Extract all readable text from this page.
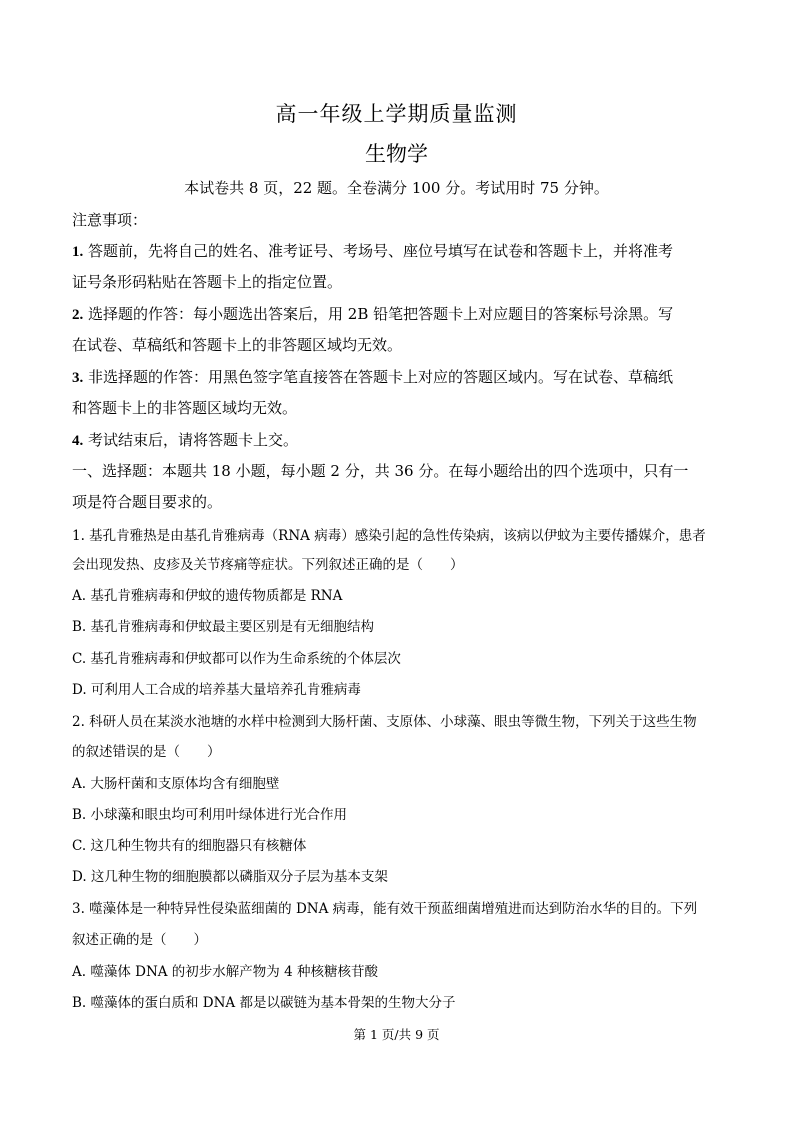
高一年级上学期质量监测
生物学
本试卷共 8 页，22 题。全卷满分 100 分。考试用时 75 分钟。
注意事项：
1. 答题前，先将自己的姓名、准考证号、考场号、座位号填写在试卷和答题卡上，并将准考
证号条形码粘贴在答题卡上的指定位置。
2. 选择题的作答：每小题选出答案后，用 2B 铅笔把答题卡上对应题目的答案标号涂黑。写
在试卷、草稿纸和答题卡上的非答题区域均无效。
3. 非选择题的作答：用黑色签字笔直接答在答题卡上对应的答题区域内。写在试卷、草稿纸
和答题卡上的非答题区域均无效。
4. 考试结束后，请将答题卡上交。
一、选择题：本题共 18 小题，每小题 2 分，共 36 分。在每小题给出的四个选项中，只有一
项是符合题目要求的。
1. 基孔肯雅热是由基孔肯雅病毒（RNA 病毒）感染引起的急性传染病，该病以伊蚊为主要传播媒介，患者
会出现发热、皮疹及关节疼痛等症状。下列叙述正确的是（　　）
A. 基孔肯雅病毒和伊蚊的遗传物质都是 RNA
B. 基孔肯雅病毒和伊蚊最主要区别是有无细胞结构
C. 基孔肯雅病毒和伊蚊都可以作为生命系统的个体层次
D. 可利用人工合成的培养基大量培养孔肯雅病毒
2. 科研人员在某淡水池塘的水样中检测到大肠杆菌、支原体、小球藻、眼虫等微生物，下列关于这些生物
的叙述错误的是（　　）
A. 大肠杆菌和支原体均含有细胞壁
B. 小球藻和眼虫均可利用叶绿体进行光合作用
C. 这几种生物共有的细胞器只有核糖体
D. 这几种生物的细胞膜都以磷脂双分子层为基本支架
3. 噬藻体是一种特异性侵染蓝细菌的 DNA 病毒，能有效干预蓝细菌增殖进而达到防治水华的目的。下列
叙述正确的是（　　）
A. 噬藻体 DNA 的初步水解产物为 4 种核糖核苷酸
B. 噬藻体的蛋白质和 DNA 都是以碳链为基本骨架的生物大分子
第 1 页/共 9 页
